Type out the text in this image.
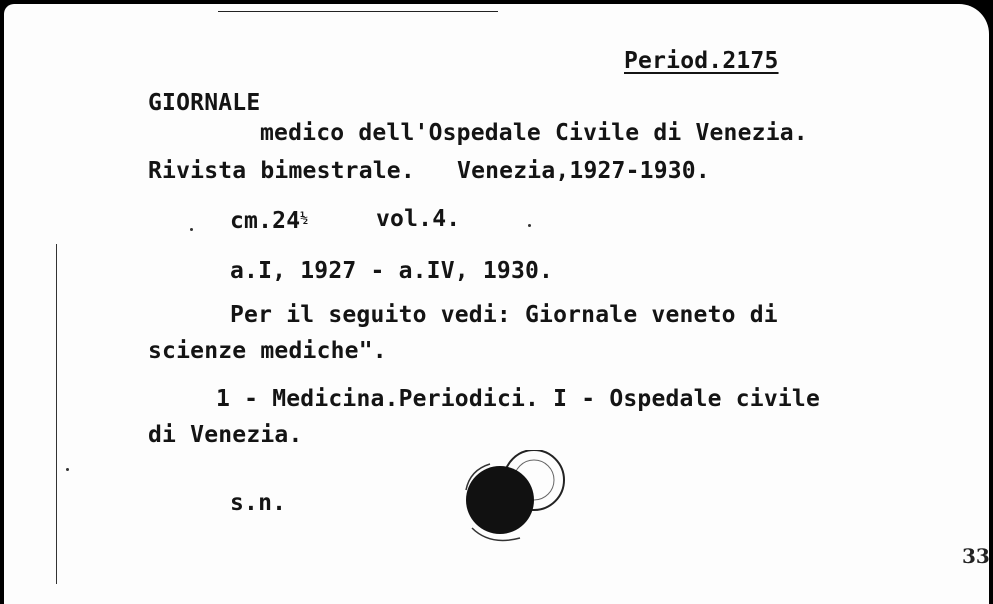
Period.2175
GIORNALE
medico dell'Ospedale Civile di Venezia.
Rivista bimestrale.   Venezia,1927-1930.
$cm.24^{\frac{1}{2}}$	vol.4.
a.I, 1927 - a.IV, 1930.
Per il seguito vedi: Giornale veneto di
scienze mediche".
1 - Medicina.Periodici. I - Ospedale civile
di Venezia.
s.n.
33
